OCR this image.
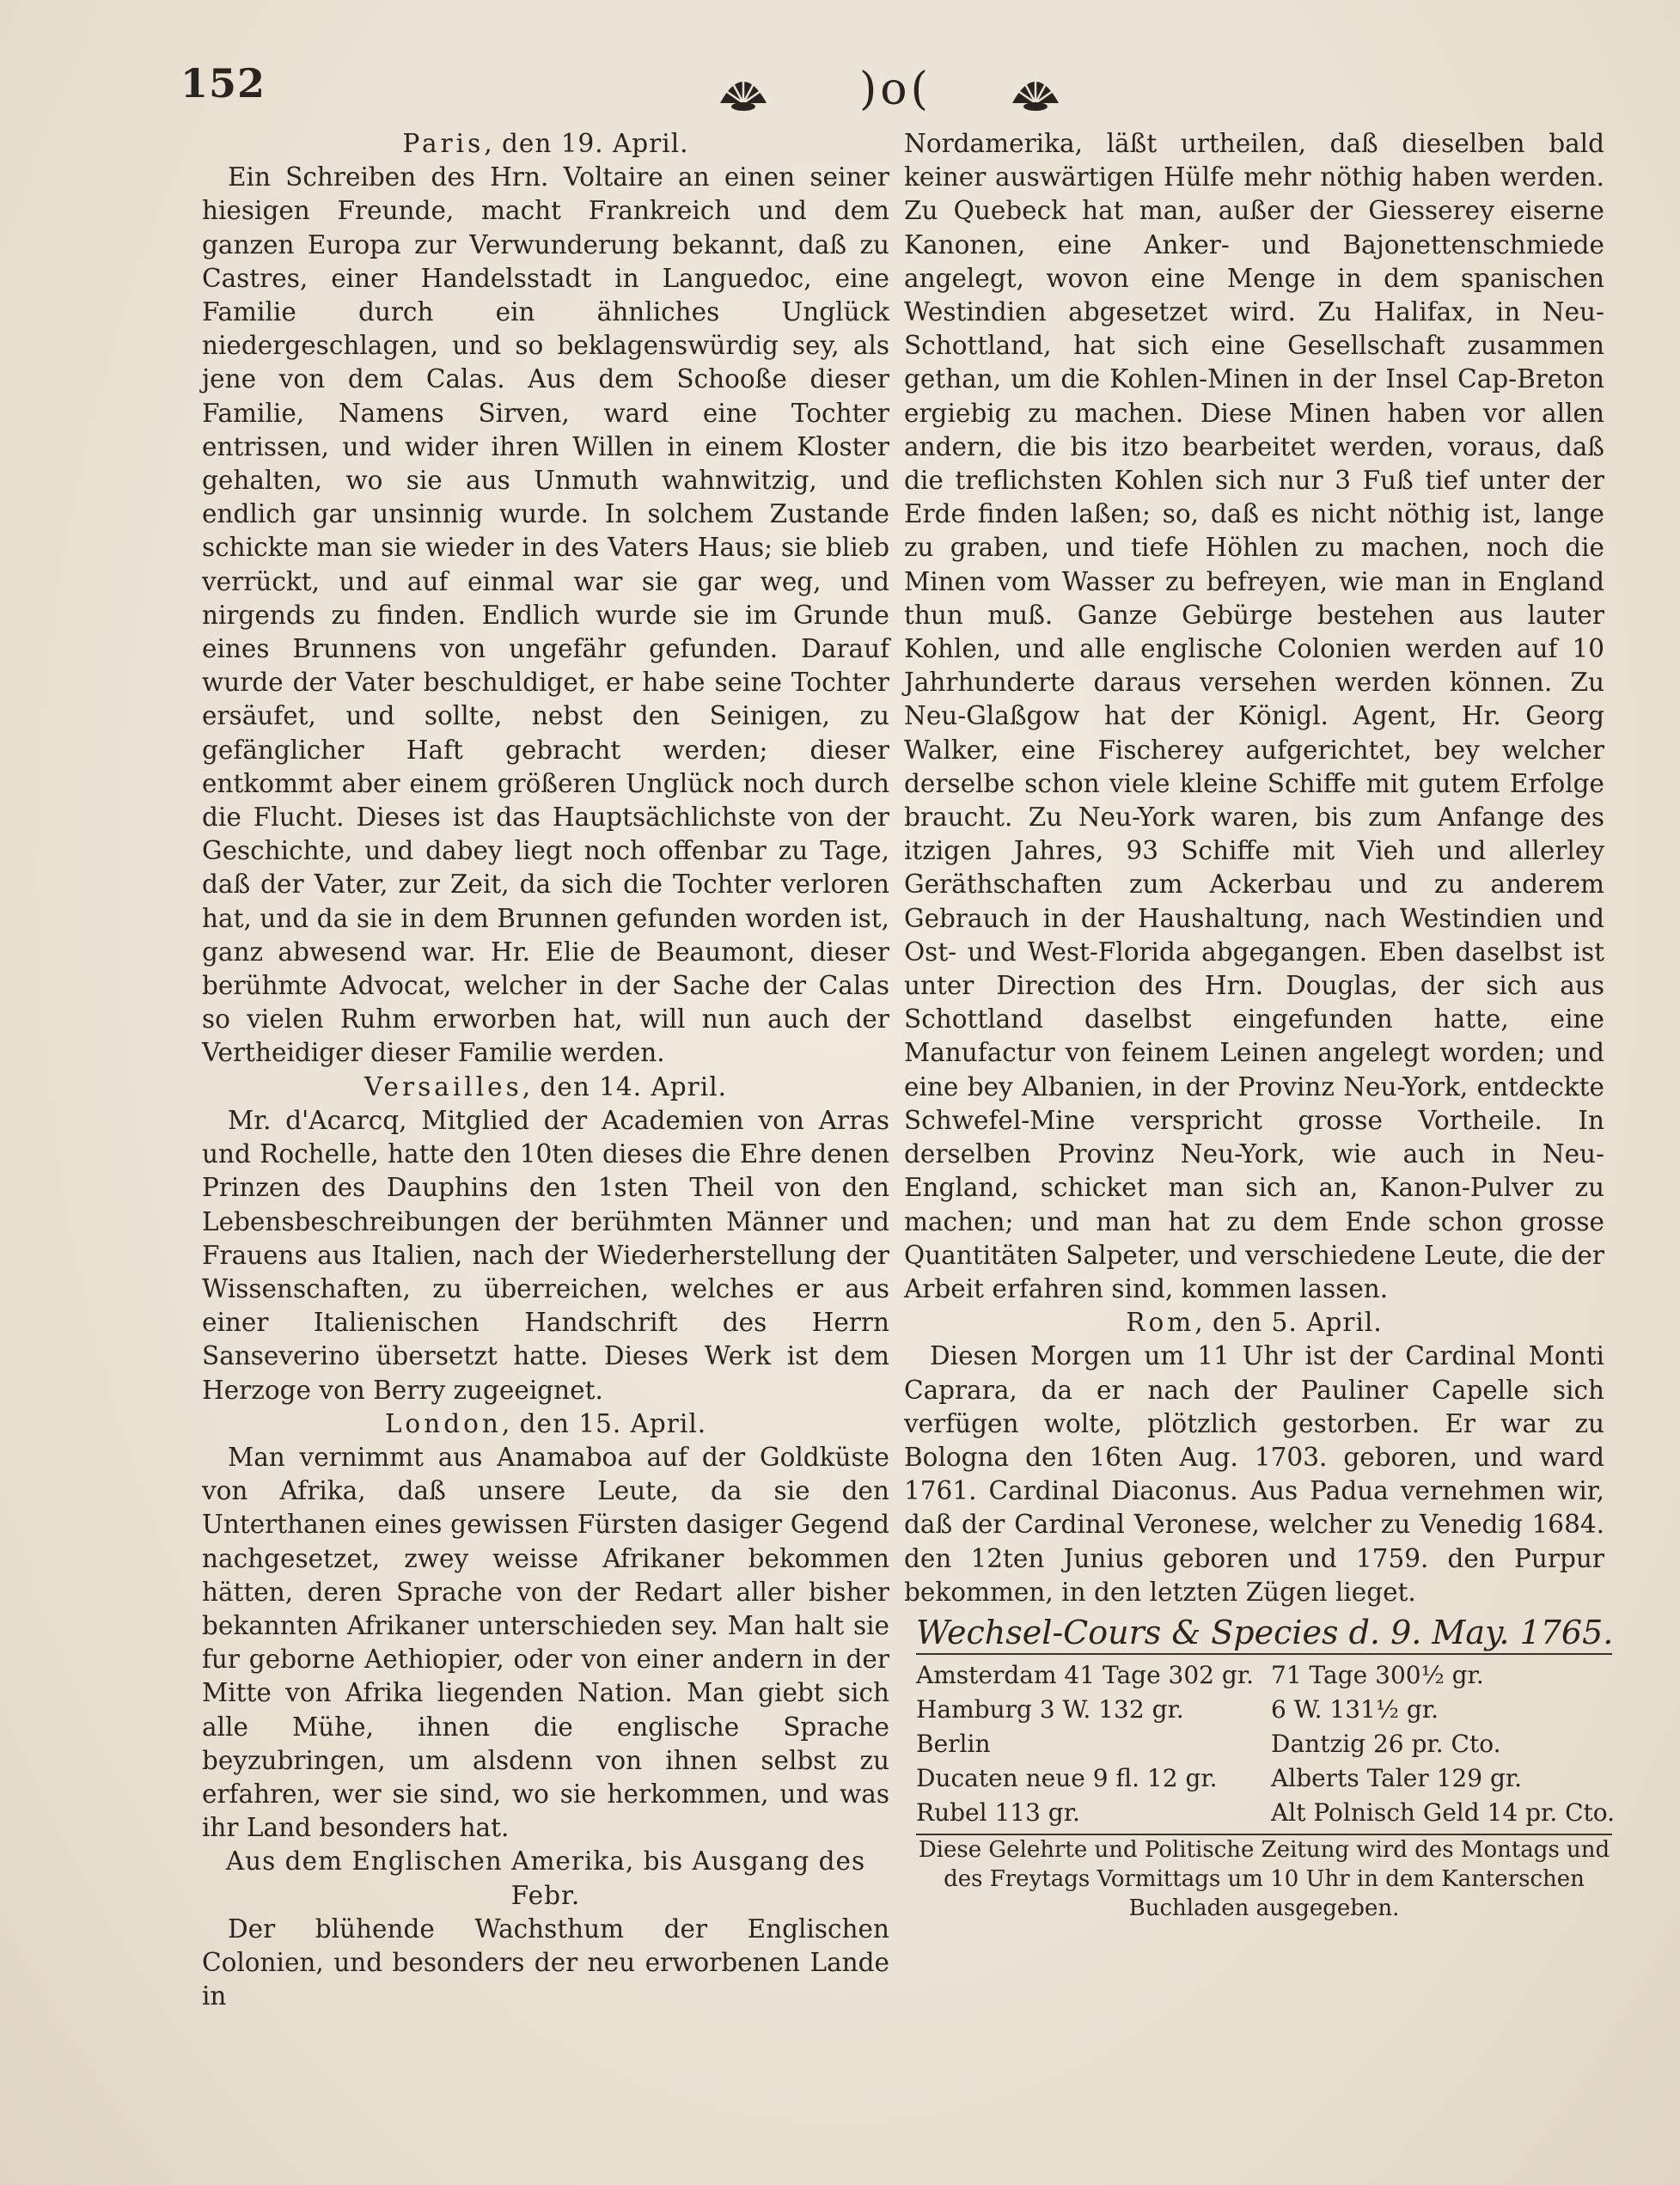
152	)o(

Paris, den 19. April.

Ein Schreiben des Hrn. Voltaire an einen seiner hiesigen Freunde, macht Frankreich und dem ganzen Europa zur Verwunderung bekannt, daß zu Castres, einer Handelsstadt in Languedoc, eine Familie durch ein ähnliches Unglück niedergeschlagen, und so beklagenswürdig sey, als jene von dem Calas. Aus dem Schooße dieser Familie, Namens Sirven, ward eine Tochter entrissen, und wider ihren Willen in einem Kloster gehalten, wo sie aus Unmuth wahnwitzig, und endlich gar unsinnig wurde. In solchem Zustande schickte man sie wieder in des Vaters Haus; sie blieb verrückt, und auf einmal war sie gar weg, und nirgends zu finden. Endlich wurde sie im Grunde eines Brunnens von ungefähr gefunden. Darauf wurde der Vater beschuldiget, er habe seine Tochter ersäufet, und sollte, nebst den Seinigen, zu gefänglicher Haft gebracht werden; dieser entkommt aber einem größeren Unglück noch durch die Flucht. Dieses ist das Hauptsächlichste von der Geschichte, und dabey liegt noch offenbar zu Tage, daß der Vater, zur Zeit, da sich die Tochter verloren hat, und da sie in dem Brunnen gefunden worden ist, ganz abwesend war. Hr. Elie de Beaumont, dieser berühmte Advocat, welcher in der Sache der Calas so vielen Ruhm erworben hat, will nun auch der Vertheidiger dieser Familie werden.

Versailles, den 14. April.

Mr. d'Acarcq, Mitglied der Academien von Arras und Rochelle, hatte den 10ten dieses die Ehre denen Prinzen des Dauphins den 1sten Theil von den Lebensbeschreibungen der berühmten Männer und Frauens aus Italien, nach der Wiederherstellung der Wissenschaften, zu überreichen, welches er aus einer Italienischen Handschrift des Herrn Sanseverino übersetzt hatte. Dieses Werk ist dem Herzoge von Berry zugeeignet.

London, den 15. April.

Man vernimmt aus Anamaboa auf der Goldküste von Afrika, daß unsere Leute, da sie den Unterthanen eines gewissen Fürsten dasiger Gegend nachgesetzet, zwey weisse Afrikaner bekommen hätten, deren Sprache von der Redart aller bisher bekannten Afrikaner unterschieden sey. Man halt sie fur geborne Aethiopier, oder von einer andern in der Mitte von Afrika liegenden Nation. Man giebt sich alle Mühe, ihnen die englische Sprache beyzubringen, um alsdenn von ihnen selbst zu erfahren, wer sie sind, wo sie herkommen, und was ihr Land besonders hat.

Aus dem Englischen Amerika, bis Ausgang des Febr.

Der blühende Wachsthum der Englischen Colonien, und besonders der neu erworbenen Lande in

Nordamerika, läßt urtheilen, daß dieselben bald keiner auswärtigen Hülfe mehr nöthig haben werden. Zu Quebeck hat man, außer der Giesserey eiserne Kanonen, eine Anker- und Bajonettenschmiede angelegt, wovon eine Menge in dem spanischen Westindien abgesetzet wird. Zu Halifax, in Neu-Schottland, hat sich eine Gesellschaft zusammen gethan, um die Kohlen-Minen in der Insel Cap-Breton ergiebig zu machen. Diese Minen haben vor allen andern, die bis itzo bearbeitet werden, voraus, daß die treflichsten Kohlen sich nur 3 Fuß tief unter der Erde finden laßen; so, daß es nicht nöthig ist, lange zu graben, und tiefe Höhlen zu machen, noch die Minen vom Wasser zu befreyen, wie man in England thun muß. Ganze Gebürge bestehen aus lauter Kohlen, und alle englische Colonien werden auf 10 Jahrhunderte daraus versehen werden können. Zu Neu-Glaßgow hat der Königl. Agent, Hr. Georg Walker, eine Fischerey aufgerichtet, bey welcher derselbe schon viele kleine Schiffe mit gutem Erfolge braucht. Zu Neu-York waren, bis zum Anfange des itzigen Jahres, 93 Schiffe mit Vieh und allerley Geräthschaften zum Ackerbau und zu anderem Gebrauch in der Haushaltung, nach Westindien und Ost- und West-Florida abgegangen. Eben daselbst ist unter Direction des Hrn. Douglas, der sich aus Schottland daselbst eingefunden hatte, eine Manufactur von feinem Leinen angelegt worden; und eine bey Albanien, in der Provinz Neu-York, entdeckte Schwefel-Mine verspricht grosse Vortheile. In derselben Provinz Neu-York, wie auch in Neu-England, schicket man sich an, Kanon-Pulver zu machen; und man hat zu dem Ende schon grosse Quantitäten Salpeter, und verschiedene Leute, die der Arbeit erfahren sind, kommen lassen.

Rom, den 5. April.

Diesen Morgen um 11 Uhr ist der Cardinal Monti Caprara, da er nach der Pauliner Capelle sich verfügen wolte, plötzlich gestorben. Er war zu Bologna den 16ten Aug. 1703. geboren, und ward 1761. Cardinal Diaconus. Aus Padua vernehmen wir, daß der Cardinal Veronese, welcher zu Venedig 1684. den 12ten Junius geboren und 1759. den Purpur bekommen, in den letzten Zügen lieget.

Wechsel-Cours & Species d. 9. May. 1765.
Amsterdam 41 Tage 302 gr.	71 Tage 300½ gr.
Hamburg 3 W. 132 gr.	6 W. 131½ gr.
Berlin	Dantzig 26 pr. Cto.
Ducaten neue 9 fl. 12 gr.	Alberts Taler 129 gr.
Rubel 113 gr.	Alt Polnisch Geld 14 pr. Cto.
Diese Gelehrte und Politische Zeitung wird des Montags und des Freytags Vormittags um 10 Uhr in dem Kanterschen Buchladen ausgegeben.
